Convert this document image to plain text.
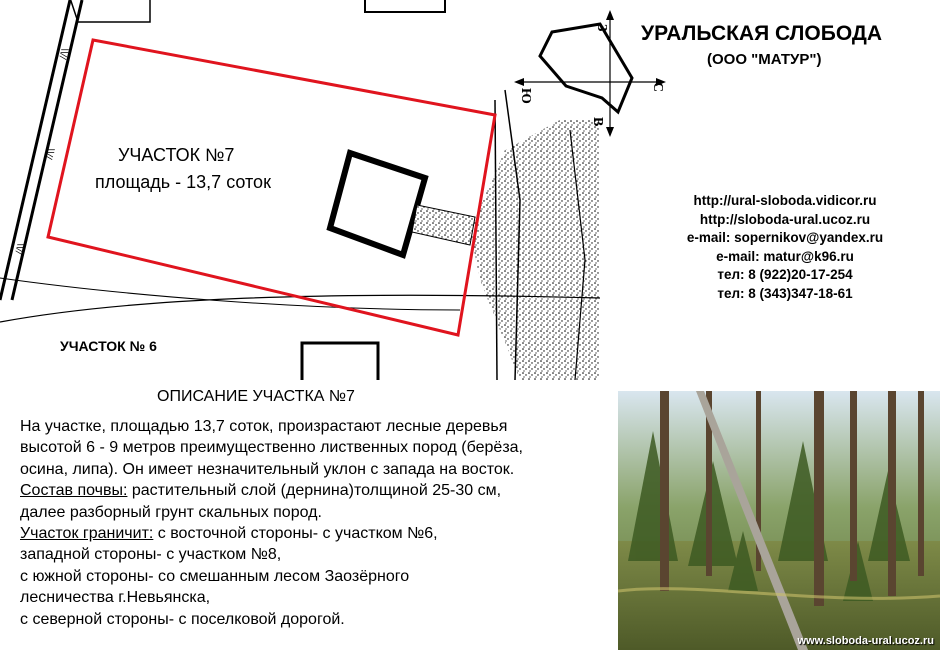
//\\
//\\
//\\
УЧАСТОК №7
площадь - 13,7 соток
УЧАСТОК № 6
З
Ю
С
В
УРАЛЬСКАЯ СЛОБОДА
(ООО "МАТУР")
http://ural-sloboda.vidicor.ru
http://sloboda-ural.ucoz.ru
e-mail: sopernikov@yandex.ru
e-mail: matur@k96.ru
тел: 8 (922)20-17-254
тел: 8 (343)347-18-61
ОПИСАНИЕ УЧАСТКА №7

На участке, площадью 13,7 соток, произрастают лесные деревья

высотой 6 - 9 метров преимущественно лиственных пород (берёза,

осина, липа). Он имеет незначительный уклон с запада на восток.

Состав почвы: растительный слой (дернина)толщиной 25-30 см,

далее разборный грунт скальных пород.

Участок граничит: с восточной стороны- с участком №6,

западной стороны- с участком №8,

с южной стороны- со смешанным лесом Заозёрного

лесничества г.Невьянска,

с северной стороны- с поселковой дорогой.

www.sloboda-ural.ucoz.ru
